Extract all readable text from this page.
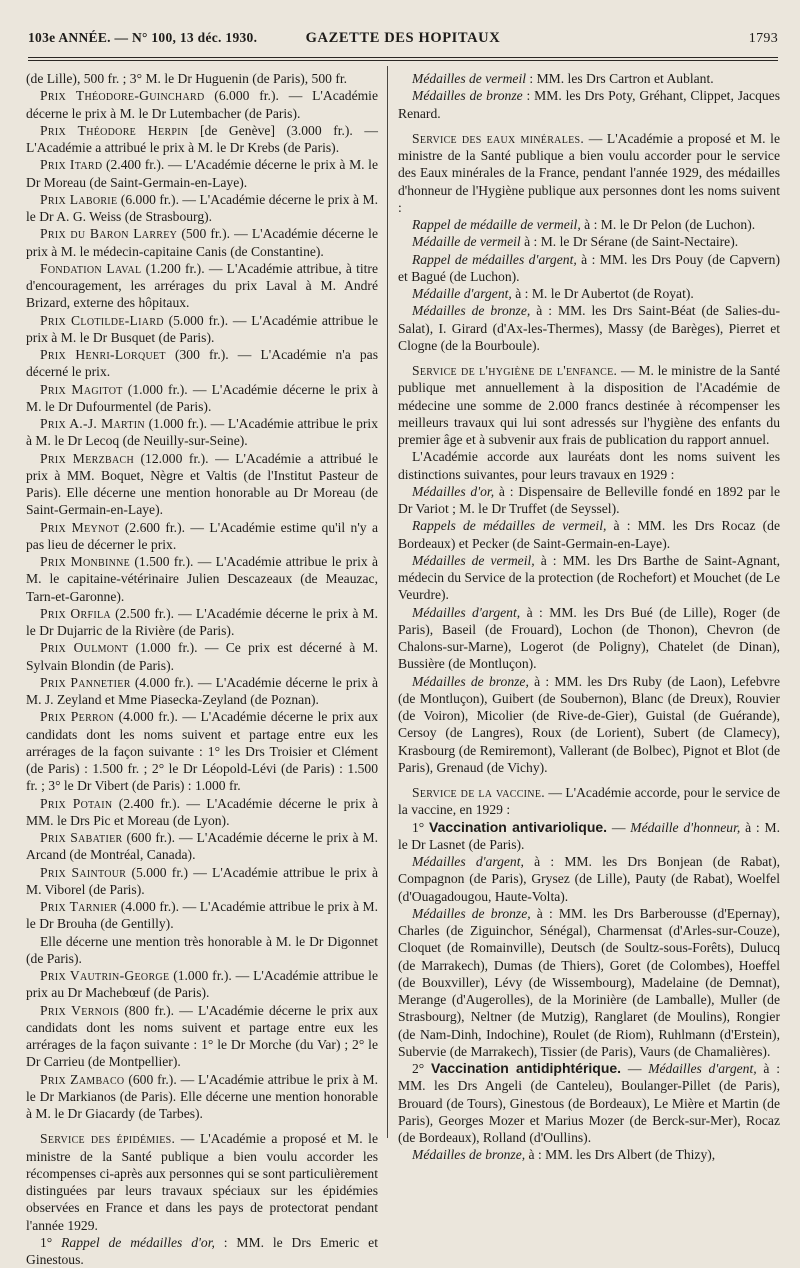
103e ANNÉE. — N° 100, 13 déc. 1930.	GAZETTE DES HOPITAUX	1793

(de Lille), 500 fr. ; 3° M. le Dr Huguenin (de Paris), 500 fr.

Prix Théodore-Guinchard (6.000 fr.). — L'Académie décerne le prix à M. le Dr Lutembacher (de Paris).

Prix Théodore Herpin [de Genève] (3.000 fr.). — L'Académie a attribué le prix à M. le Dr Krebs (de Paris).

Prix Itard (2.400 fr.). — L'Académie décerne le prix à M. le Dr Moreau (de Saint-Germain-en-Laye).

Prix Laborie (6.000 fr.). — L'Académie décerne le prix à M. le Dr A. G. Weiss (de Strasbourg).

Prix du Baron Larrey (500 fr.). — L'Académie décerne le prix à M. le médecin-capitaine Canis (de Constantine).

Fondation Laval (1.200 fr.). — L'Académie attribue, à titre d'encouragement, les arrérages du prix Laval à M. André Brizard, externe des hôpitaux.

Prix Clotilde-Liard (5.000 fr.). — L'Académie attribue le prix à M. le Dr Busquet (de Paris).

Prix Henri-Lorquet (300 fr.). — L'Académie n'a pas décerné le prix.

Prix Magitot (1.000 fr.). — L'Académie décerne le prix à M. le Dr Dufourmentel (de Paris).

Prix A.-J. Martin (1.000 fr.). — L'Académie attribue le prix à M. le Dr Lecoq (de Neuilly-sur-Seine).

Prix Merzbach (12.000 fr.). — L'Académie a attribué le prix à MM. Boquet, Nègre et Valtis (de l'Institut Pasteur de Paris). Elle décerne une mention honorable au Dr Moreau (de Saint-Germain-en-Laye).

Prix Meynot (2.600 fr.). — L'Académie estime qu'il n'y a pas lieu de décerner le prix.

Prix Monbinne (1.500 fr.). — L'Académie attribue le prix à M. le capitaine-vétérinaire Julien Descazeaux (de Meauzac, Tarn-et-Garonne).

Prix Orfila (2.500 fr.). — L'Académie décerne le prix à M. le Dr Dujarric de la Rivière (de Paris).

Prix Oulmont (1.000 fr.). — Ce prix est décerné à M. Sylvain Blondin (de Paris).

Prix Pannetier (4.000 fr.). — L'Académie décerne le prix à M. J. Zeyland et Mme Piasecka-Zeyland (de Poznan).

Prix Perron (4.000 fr.). — L'Académie décerne le prix aux candidats dont les noms suivent et partage entre eux les arrérages de la façon suivante : 1° les Drs Troisier et Clément (de Paris) : 1.500 fr. ; 2° le Dr Léopold-Lévi (de Paris) : 1.500 fr. ; 3° le Dr Vibert (de Paris) : 1.000 fr.

Prix Potain (2.400 fr.). — L'Académie décerne le prix à MM. le Drs Pic et Moreau (de Lyon).

Prix Sabatier (600 fr.). — L'Académie décerne le prix à M. Arcand (de Montréal, Canada).

Prix Saintour (5.000 fr.) — L'Académie attribue le prix à M. Viborel (de Paris).

Prix Tarnier (4.000 fr.). — L'Académie attribue le prix à M. le Dr Brouha (de Gentilly).

Elle décerne une mention très honorable à M. le Dr Digonnet (de Paris).

Prix Vautrin-George (1.000 fr.). — L'Académie attribue le prix au Dr Machebœuf (de Paris).

Prix Vernois (800 fr.). — L'Académie décerne le prix aux candidats dont les noms suivent et partage entre eux les arrérages de la façon suivante : 1° le Dr Morche (du Var) ; 2° le Dr Carrieu (de Montpellier).

Prix Zambaco (600 fr.). — L'Académie attribue le prix à M. le Dr Markianos (de Paris). Elle décerne une mention honorable à M. le Dr Giacardy (de Tarbes).

Service des épidémies. — L'Académie a proposé et M. le ministre de la Santé publique a bien voulu accorder les récompenses ci-après aux personnes qui se sont particulièrement distinguées par leurs travaux spéciaux sur les épidémies observées en France et dans les pays de protectorat pendant l'année 1929.

1° Rappel de médailles d'or, : MM. le Drs Emeric et Ginestous.

Médailles de vermeil : MM. les Drs Cartron et Aublant.

Médailles de bronze : MM. les Drs Poty, Gréhant, Clippet, Jacques Renard.

Service des eaux minérales. — L'Académie a proposé et M. le ministre de la Santé publique a bien voulu accorder pour le service des Eaux minérales de la France, pendant l'année 1929, des médailles d'honneur de l'Hygiène publique aux personnes dont les noms suivent :

Rappel de médaille de vermeil, à : M. le Dr Pelon (de Luchon).

Médaille de vermeil à : M. le Dr Sérane (de Saint-Nectaire).

Rappel de médailles d'argent, à : MM. les Drs Pouy (de Capvern) et Bagué (de Luchon).

Médaille d'argent, à : M. le Dr Aubertot (de Royat).

Médailles de bronze, à : MM. les Drs Saint-Béat (de Salies-du-Salat), I. Girard (d'Ax-les-Thermes), Massy (de Barèges), Pierret et Clogne (de la Bourboule).

Service de l'hygiène de l'enfance. — M. le ministre de la Santé publique met annuellement à la disposition de l'Académie de médecine une somme de 2.000 francs destinée à récompenser les meilleurs travaux qui lui sont adressés sur l'hygiène des enfants du premier âge et à subvenir aux frais de publication du rapport annuel.

L'Académie accorde aux lauréats dont les noms suivent les distinctions suivantes, pour leurs travaux en 1929 :

Médailles d'or, à : Dispensaire de Belleville fondé en 1892 par le Dr Variot ; M. le Dr Truffet (de Seyssel).

Rappels de médailles de vermeil, à : MM. les Drs Rocaz (de Bordeaux) et Pecker (de Saint-Germain-en-Laye).

Médailles de vermeil, à : MM. les Drs Barthe de Saint-Agnant, médecin du Service de la protection (de Rochefort) et Mouchet (de Le Veurdre).

Médailles d'argent, à : MM. les Drs Bué (de Lille), Roger (de Paris), Baseil (de Frouard), Lochon (de Thonon), Chevron (de Chalons-sur-Marne), Logerot (de Poligny), Chatelet (de Dinan), Bussière (de Montluçon).

Médailles de bronze, à : MM. les Drs Ruby (de Laon), Lefebvre (de Montluçon), Guibert (de Soubernon), Blanc (de Dreux), Rouvier (de Voiron), Micolier (de Rive-de-Gier), Guistal (de Guérande), Cersoy (de Langres), Roux (de Lorient), Subert (de Clamecy), Krasbourg (de Remiremont), Vallerant (de Bolbec), Pignot et Blot (de Paris), Grenaud (de Vichy).

Service de la vaccine. — L'Académie accorde, pour le service de la vaccine, en 1929 :

1° Vaccination antivariolique. — Médaille d'honneur, à : M. le Dr Lasnet (de Paris).

Médailles d'argent, à : MM. les Drs Bonjean (de Rabat), Compagnon (de Paris), Grysez (de Lille), Pauty (de Rabat), Woelfel (d'Ouagadougou, Haute-Volta).

Médailles de bronze, à : MM. les Drs Barberousse (d'Epernay), Charles (de Ziguinchor, Sénégal), Charmensat (d'Arles-sur-Couze), Cloquet (de Romainville), Deutsch (de Soultz-sous-Forêts), Dulucq (de Marrakech), Dumas (de Thiers), Goret (de Colombes), Hoeffel (de Bouxviller), Lévy (de Wissembourg), Madelaine (de Demnat), Merange (d'Augerolles), de la Morinière (de Lamballe), Muller (de Strasbourg), Neltner (de Mutzig), Ranglaret (de Moulins), Rongier (de Nam-Dinh, Indochine), Roulet (de Riom), Ruhlmann (d'Erstein), Subervie (de Marrakech), Tissier (de Paris), Vaurs (de Chamalières).

2° Vaccination antidiphtérique. — Médailles d'argent, à : MM. les Drs Angeli (de Canteleu), Boulanger-Pillet (de Paris), Brouard (de Tours), Ginestous (de Bordeaux), Le Mière et Martin (de Paris), Georges Mozer et Marius Mozer (de Berck-sur-Mer), Rocaz (de Bordeaux), Rolland (d'Oullins).

Médailles de bronze, à : MM. les Drs Albert (de Thizy),
